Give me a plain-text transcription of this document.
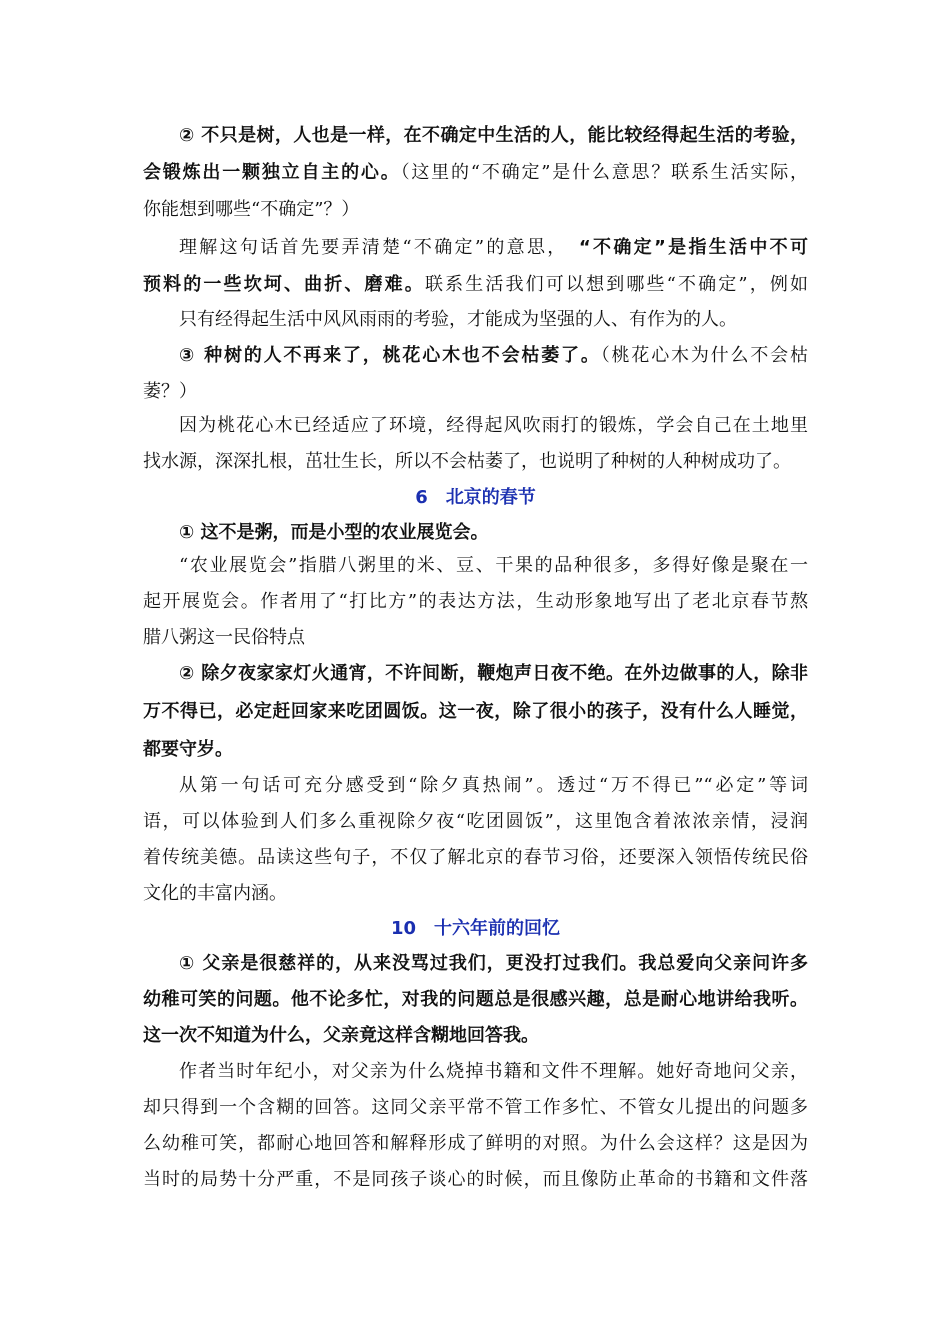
② 不只是树，人也是一样，在不确定中生活的人，能比较经得起生活的考验，
会锻炼出一颗独立自主的心。（这里的“不确定”是什么意思？联系生活实际，
你能想到哪些“不确定”？）
理解这句话首先要弄清楚“不确定”的意思，　“不确定”是指生活中不可
预料的一些坎坷、曲折、磨难。联系生活我们可以想到哪些“不确定”，例如
只有经得起生活中风风雨雨的考验，才能成为坚强的人、有作为的人。
③ 种树的人不再来了，桃花心木也不会枯萎了。（桃花心木为什么不会枯
萎？）
因为桃花心木已经适应了环境，经得起风吹雨打的锻炼，学会自己在土地里
找水源，深深扎根，茁壮生长，所以不会枯萎了，也说明了种树的人种树成功了。
6　北京的春节
① 这不是粥，而是小型的农业展览会。
“农业展览会”指腊八粥里的米、豆、干果的品种很多，多得好像是聚在一
起开展览会。作者用了“打比方”的表达方法，生动形象地写出了老北京春节熬
腊八粥这一民俗特点
② 除夕夜家家灯火通宵，不许间断，鞭炮声日夜不绝。在外边做事的人，除非
万不得已，必定赶回家来吃团圆饭。这一夜，除了很小的孩子，没有什么人睡觉，
都要守岁。
从第一句话可充分感受到“除夕真热闹”。透过“万不得已”“必定”等词
语，可以体验到人们多么重视除夕夜“吃团圆饭”，这里饱含着浓浓亲情，浸润
着传统美德。品读这些句子，不仅了解北京的春节习俗，还要深入领悟传统民俗
文化的丰富内涵。
10　十六年前的回忆
① 父亲是很慈祥的，从来没骂过我们，更没打过我们。我总爱向父亲问许多
幼稚可笑的问题。他不论多忙，对我的问题总是很感兴趣，总是耐心地讲给我听。
这一次不知道为什么，父亲竟这样含糊地回答我。
作者当时年纪小，对父亲为什么烧掉书籍和文件不理解。她好奇地问父亲，
却只得到一个含糊的回答。这同父亲平常不管工作多忙、不管女儿提出的问题多
么幼稚可笑，都耐心地回答和解释形成了鲜明的对照。为什么会这样？这是因为
当时的局势十分严重，不是同孩子谈心的时候，而且像防止革命的书籍和文件落
